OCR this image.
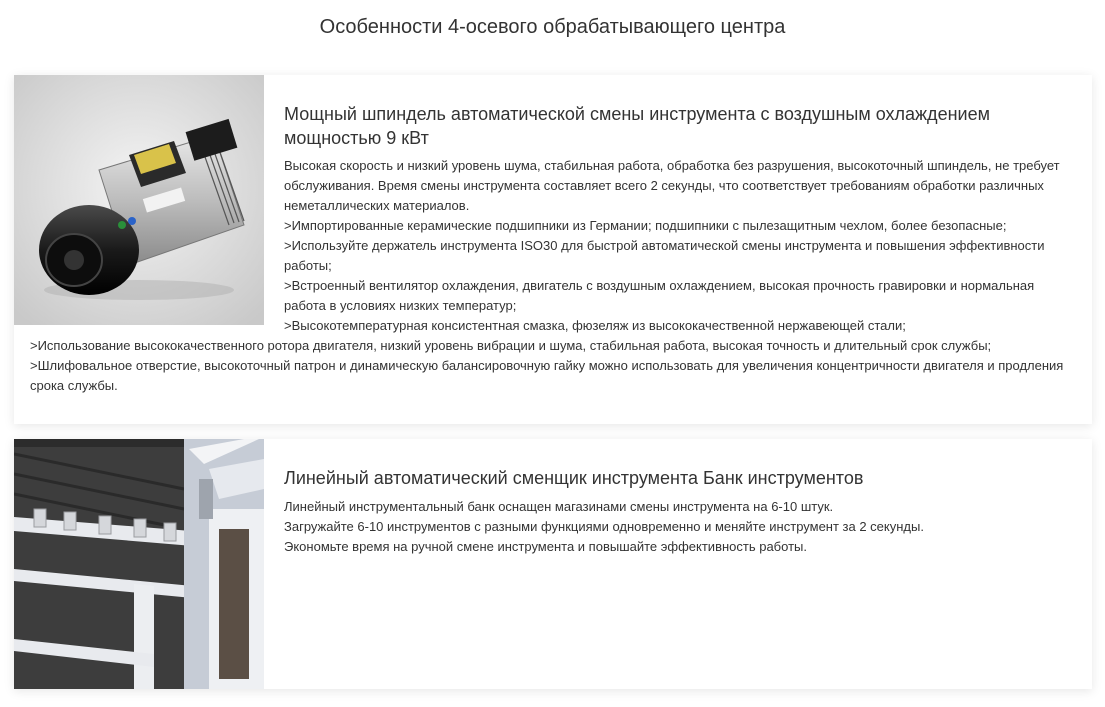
Особенности 4-осевого обрабатывающего центра
Мощный шпиндель автоматической смены инструмента с воздушным охлаждением мощностью 9 кВт

Высокая скорость и низкий уровень шума, стабильная работа, обработка без разрушения, высокоточный шпиндель, не требует обслуживания. Время смены инструмента составляет всего 2 секунды, что соответствует требованиям обработки различных неметаллических материалов.

>Импортированные керамические подшипники из Германии; подшипники с пылезащитным чехлом, более безопасные;

>Используйте держатель инструмента ISO30 для быстрой автоматической смены инструмента и повышения эффективности работы;

>Встроенный вентилятор охлаждения, двигатель с воздушным охлаждением, высокая прочность гравировки и нормальная работа в условиях низких температур;

>Высокотемпературная консистентная смазка, фюзеляж из высококачественной нержавеющей стали;

>Использование высококачественного ротора двигателя, низкий уровень вибрации и шума, стабильная работа, высокая точность и длительный срок службы;

>Шлифовальное отверстие, высокоточный патрон и динамическую балансировочную гайку можно использовать для увеличения концентричности двигателя и продления срока службы.

Линейный автоматический сменщик инструмента Банк инструментов

Линейный инструментальный банк оснащен магазинами смены инструмента на 6-10 штук.

Загружайте 6-10 инструментов с разными функциями одновременно и меняйте инструмент за 2 секунды.

Экономьте время на ручной смене инструмента и повышайте эффективность работы.
